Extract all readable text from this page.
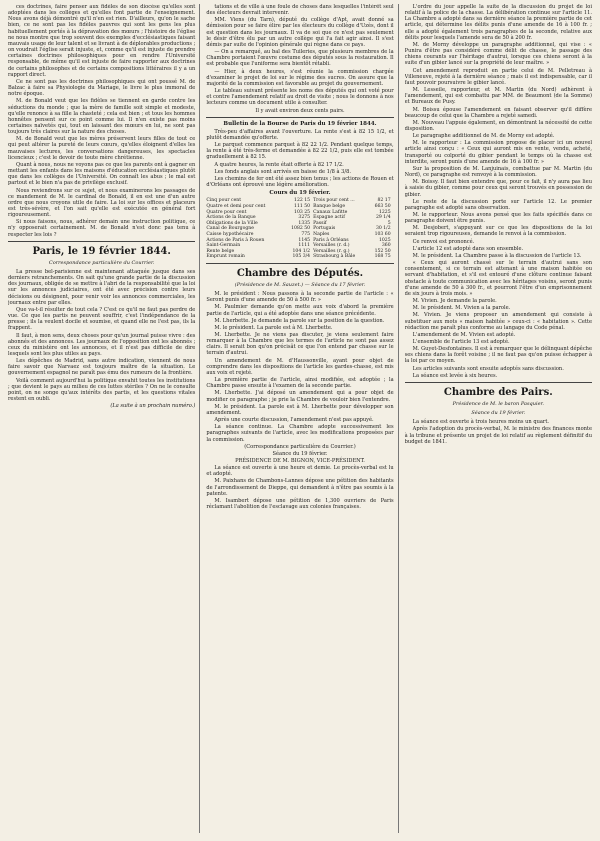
ces doctrines, faire penser aux fidèles de son diocèse qu'elles sont adoptées dans les collèges et qu'elles font partie de l'enseignement. Nous avons déjà démontré qu'il n'en est rien. D'ailleurs, qu'on le sache bien, ce ne sont pas les fidèles pauvres qui sont les gens les plus habituellement portés à la dépravation des mœurs ; l'histoire de l'église ne nous montre que trop souvent des exemples d'ecclésiastiques faisant mauvais usage de leur talent et se livrant à de déplorables productions ; on voudrait l'église serait injuste, et, comme qu'il est injuste de prendre certaines doctrines philosophiques pour en rendre l'Université responsable, de même qu'il est injuste de faire rapporter aux doctrines de certains philosophes et de certains compositions littéraires il y a un rapport direct.

Ce ne sont pas les doctrines philosophiques qui ont poussé M. de Balzac à faire sa Physiologie du Mariage, le livre le plus immoral de notre époque.

M. de Bonald veut que les fidèles se tiennent en garde contre les séductions du monde ; que la mère de famille soit simple et modeste, qu'elle renonce à sa fille la chasteté ; cela est bien ; et tous les hommes honnêtes pensent sur ce point comme lui. Il n'en existe pas moins certaines naïvetés qui, tout en laissant des mœurs en lui, ne sont pas toujours très claires sur la nature des choses.

M. de Bonald veut que les mères préservent leurs filles de tout ce qui peut altérer la pureté de leurs cœurs, qu'elles éloignent d'elles les mauvaises lectures, les conversations dangereuses, les spectacles licencieux ; c'est le devoir de toute mère chrétienne.

Quant à nous, nous ne voyons pas ce que les parents ont à gagner en mettant les enfants dans les maisons d'éducation ecclésiastiques plutôt que dans les collèges de l'Université. On connaît les abus ; le mal est partout et le bien n'a pas de privilège exclusif.

Nous reviendrons sur ce sujet, et nous examinerons les passages de ce mandement de M. le cardinal de Bonald, il en est une d'un autre ordre que nous croyons utile de faire. La loi sur les offices et placeurs est très-sévère, et l'on sait qu'elle est exécutée en général fort rigoureusement.

Si nous faisons, nous, adhérer demain une instruction politique, ce n'y opposerait certainement. M. de Bonald n'est donc pas tenu à respecter les lois ?

Paris, le 19 février 1844.
Correspondance particulière du Courrier.

La presse bel-parisienne est maintenant attaquée jusque dans ses derniers retranchements. On sait qu'une grande partie de la discussion des journaux, obligée de se mettre à l'abri de la responsabilité que la loi sur les annonces judiciaires, ont été avec précision contre leurs décisions ou désignent, pour venir voir les annonces commerciales, les journaux entre par elles.

Que va-t-il résulter de tout cela ? C'est ce qu'il ne faut pas perdre de vue. Ce que les partis ne peuvent souffrir, c'est l'indépendance de la presse ; ils la veulent docile et soumise, et quand elle ne l'est pas, ils la frappent.

Il faut, à mon sens, deux choses pour qu'un journal puisse vivre : des abonnés et des annonces. Les journaux de l'opposition ont les abonnés ; ceux du ministère ont les annonces, et il n'est pas difficile de dire lesquels sont les plus utiles au pays.

Les dépêches de Madrid, sans autre indication, viennent de nous faire savoir que Narvaez est toujours maître de la situation. Le gouvernement espagnol ne paraît pas ému des rumeurs de la frontière.

Voilà comment aujourd'hui la politique envahit toutes les institutions ; que devient le pays au milieu de ces luttes stériles ? On ne le consulte point, on ne songe qu'aux intérêts des partis, et les questions vitales restent en oubli.

(La suite à un prochain numéro.)

tations et de ville à une foule de choses dans lesquelles l'intérêt seul des électeurs devrait intervenir.

MM. Viens (du Tarn), député du collège d'Apt, avait donné sa démission pour se faire élire par les électeurs du collège d'Uzès, dont il est question dans les journaux. Il va de soi que ce n'est pas seulement le désir d'être élu par un autre collège qui l'a fait agir ainsi. Il s'est démis par suite de l'opinion générale qui règne dans ce pays.

— On a remarqué, au bal des Tuileries, que plusieurs membres de la Chambre portaient l'œuvre costume des députés sous la restauration. Il est probable que l'uniforme sera bientôt rétabli.

— Hier, à deux heures, s'est réunie la commission chargée d'examiner le projet de loi sur le régime des sucres. On assure que la majorité de la commission est favorable au projet du gouvernement.

Le tableau suivant présente les noms des députés qui ont voté pour et contre l'amendement relatif au droit de visite ; nous le donnons à nos lecteurs comme un document utile à consulter.

Il y avait environ deux cents pairs.

Bulletin de la Bourse de Paris du 19 février 1844.

Très-peu d'affaires avant l'ouverture. La rente s'est à 82 15 1/2, et plutôt demandée qu'offerte.

Le parquet commence parquet à 82 22 1/2. Pendant quelque temps, la rente à été très-ferme et demandée à 82 22 1/2, puis elle est tombée graduellement à 82 15.

A quatre heures, la rente était offerte à 82 17 1/2.

Les fonds anglais sont arrivés en baisse de 1/8 à 3/8.

Les chemins de fer ont été assez bien tenus ; les actions de Rouen et d'Orléans ont éprouvé une légère amélioration.

Cours du 19 février.
Cinq pour cent	122 15	Trois pour cent ...	82 17
Quatre et demi pour cent	111 50	Banque belge	663 50
Quatre pour cent	103 25	Canaux Lafitte	1225
Actions de la Banque	3275	Espagne actif	29 1/4
Obligations de la Ville	1335	Passif	5
Canal de Bourgogne	1082 50	Portugais	30 1/2
Caisse hypothécaire	775	Naples	103 60
Actions de Paris à Rouen	1145	Paris à Orléans	1025
Saint-Germain	1111	Versailles (r. d.)	360
Rente belge	104 1/2	Versailles (r. g.)	152 50
Emprunt romain	105 3/4	Strasbourg à Bâle	168 75
Chambre des Députés.
(Présidence de M. Sauzet.) — Séance du 17 février.

M. le président : Nous passons à la seconde partie de l'article : « Seront punis d'une amende de 50 à 500 fr. »

M. Paulmier demande qu'on mette aux voix d'abord la première partie de l'article, qui a été adoptée dans une séance précédente.

M. Lherbette. Je demande la parole sur la position de la question.

M. le président. La parole est à M. Lherbette.

M. Lherbette. Je ne viens pas discuter, je viens seulement faire remarquer à la Chambre que les termes de l'article ne sont pas assez clairs. Il serait bon qu'on précisât ce que l'on entend par chasse sur le terrain d'autrui.

Un amendement de M. d'Haussonville, ayant pour objet de comprendre dans les dispositions de l'article les gardes-chasse, est mis aux voix et rejeté.

La première partie de l'article, ainsi modifiée, est adoptée ; la Chambre passe ensuite à l'examen de la seconde partie.

M. Lherbette. J'ai déposé un amendement qui a pour objet de modifier ce paragraphe ; je prie la Chambre de vouloir bien l'entendre.

M. le président. La parole est à M. Lherbette pour développer son amendement.

Après une courte discussion, l'amendement n'est pas appuyé.

La séance continue. La Chambre adopte successivement les paragraphes suivants de l'article, avec les modifications proposées par la commission.

(Correspondance particulière du Courrier.)

Séance du 19 février.

PRÉSIDENCE DE M. BIGNON, VICE-PRÉSIDENT.

La séance est ouverte à une heure et demie. Le procès-verbal est lu et adopté.

M. Paixhans de Chambons-Lannes dépose une pétition des habitants de l'arrondissement de Dieppe, qui demandent à n'être pas soumis à la patente.

M. Isambert dépose une pétition de 1,300 ouvriers de Paris réclamant l'abolition de l'esclavage aux colonies françaises.

L'ordre du jour appelle la suite de la discussion du projet de loi relatif à la police de la chasse. La délibération continue sur l'article 11. La Chambre a adopté dans sa dernière séance la première partie de cet article, qui détermine les délits punis d'une amende de 16 à 100 fr. ; elle a adopté également trois paragraphes de la seconde, relative aux délits pour lesquels l'amende sera de 50 à 200 fr.

M. de Morny développe un paragraphe additionnel, qui vise : « Punira d'être pas considéré comme délit de chasse, le passage des chiens courants sur l'héritage d'autrui, lorsque ces chiens seront à la suite d'un gibier lancé sur la propriété de leur maître. »

Cet amendement reproduit en partie celui de M. Pelletreau à Villeneuve, rejeté à la dernière séance ; mais il est indispensable, car il faut pouvoir poursuivre le gibier lancé.

M. Lesseile, rapporteur, et M. Martin (du Nord) adhèrent à l'amendement, qui est combattu par MM. de Beaumont (de la Somme) et Bureaux de Pusy.

M. Boissu épouse l'amendement en faisant observer qu'il diffère beaucoup de celui que la Chambre a rejeté samedi.

M. Nouveau l'appuie également, en démontrant la nécessité de cette disposition.

Le paragraphe additionnel de M. de Morny est adopté.

M. le rapporteur : La commission propose de placer ici un nouvel article ainsi conçu : « Ceux qui auront mis en vente, vendu, acheté, transporté ou colporté du gibier pendant le temps où la chasse est interdite, seront punis d'une amende de 16 à 100 fr. »

Sur la proposition de M. Lanjuinais, combattue par M. Martin (du Nord), ce paragraphe est renvoyé à la commission.

M. Boissy. Il faut bien entendre que, pour ce fait, il n'y aura pas lieu à saisie du gibier, comme pour ceux qui seront trouvés en possession de gibier.

Le reste de la discussion porte sur l'article 12. Le premier paragraphe est adopté sans observation.

M. le rapporteur. Nous avons pensé que les faits spécifiés dans ce paragraphe doivent être punis.

M. Desjobert, s'appuyant sur ce que les dispositions de la loi seraient trop rigoureuses, demande le renvoi à la commission.

Ce renvoi est prononcé.

L'article 12 est adopté dans son ensemble.

M. le président. La Chambre passe à la discussion de l'article 13.

« Ceux qui auront chassé sur le terrain d'autrui sans son consentement, si ce terrain est attenant à une maison habitée ou servant d'habitation, et s'il est entouré d'une clôture continue faisant obstacle à toute communication avec les héritages voisins, seront punis d'une amende de 50 à 300 fr., et pourront l'être d'un emprisonnement de six jours à trois mois. »

M. Vivien. Je demande la parole.

M. le président. M. Vivien a la parole.

M. Vivien. Je viens proposer un amendement qui consiste à substituer aux mots « maison habitée » ceux-ci : « habitation ». Cette rédaction me paraît plus conforme au langage du Code pénal.

L'amendement de M. Vivien est adopté.

L'ensemble de l'article 13 est adopté.

M. Guyet-Desfontaines. Il est à remarquer que le délinquant dépêche ses chiens dans la forêt voisine ; il ne faut pas qu'on puisse échapper à la loi par ce moyen.

Les articles suivants sont ensuite adoptés sans discussion.

La séance est levée à six heures.

Chambre des Pairs.
Présidence de M. le baron Pasquier.
Séance du 19 février.

La séance est ouverte à trois heures moins un quart.

Après l'adoption du procès-verbal, M. le ministre des finances monte à la tribune et présente un projet de loi relatif au règlement définitif du budget de 1841.
